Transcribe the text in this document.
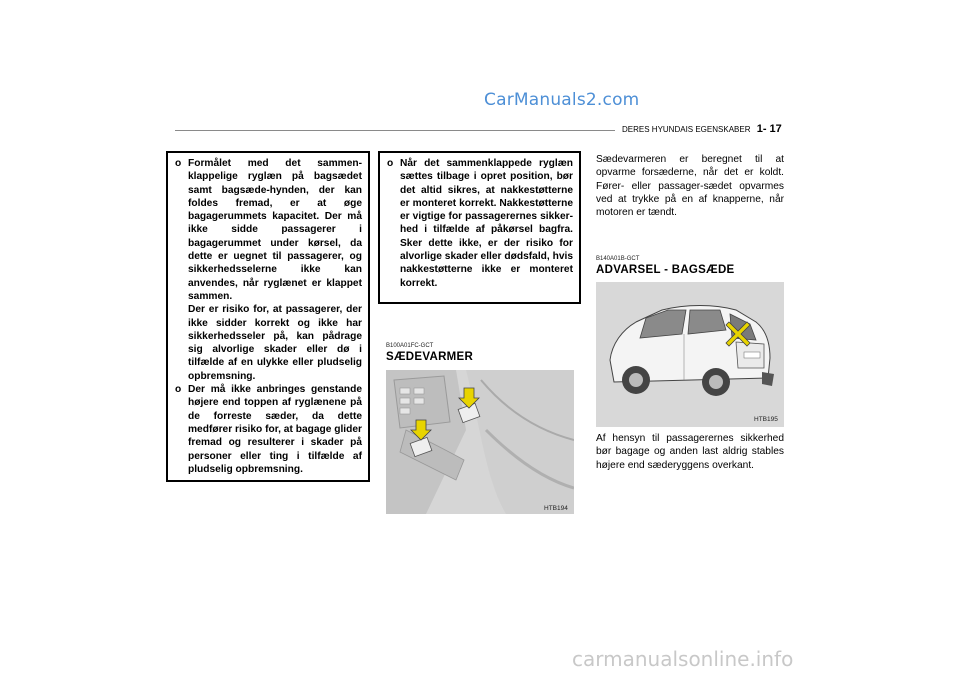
CarManuals2.com
DERES HYUNDAIS EGENSKABER 1- 17
o Formålet med det sammen-klappelige ryglæn på bagsædet samt bagsæde-hynden, der kan foldes fremad, er at øge bagagerummets kapacitet. Der må ikke sidde passagerer i bagagerummet under kørsel, da dette er uegnet til passagerer, og sikkerhedsselerne ikke kan anvendes, når ryglænet er klappet sammen.
Der er risiko for, at passagerer, der ikke sidder korrekt og ikke har sikkerhedsseler på, kan pådrage sig alvorlige skader eller dø i tilfælde af en ulykke eller pludselig opbremsning.
o Der må ikke anbringes genstande højere end toppen af ryglænene på de forreste sæder, da dette medfører risiko for, at bagage glider fremad og resulterer i skader på personer eller ting i tilfælde af pludselig opbremsning.
o Når det sammenklappede ryglæn sættes tilbage i opret position, bør det altid sikres, at nakkestøtterne er monteret korrekt. Nakkestøtterne er vigtige for passagerernes sikker-hed i tilfælde af påkørsel bagfra. Sker dette ikke, er der risiko for alvorlige skader eller dødsfald, hvis nakkestøtterne ikke er monteret korrekt.
B100A01FC-GCT
SÆDEVARMER
HTB194
Sædevarmeren er beregnet til at opvarme forsæderne, når det er koldt. Fører- eller passager-sædet opvarmes ved at trykke på en af knapperne, når motoren er tændt.
B140A01B-GCT
ADVARSEL - BAGSÆDE
HTB195
Af hensyn til passagerernes sikkerhed bør bagage og anden last aldrig stables højere end sæderyggens overkant.
carmanualsonline.info
